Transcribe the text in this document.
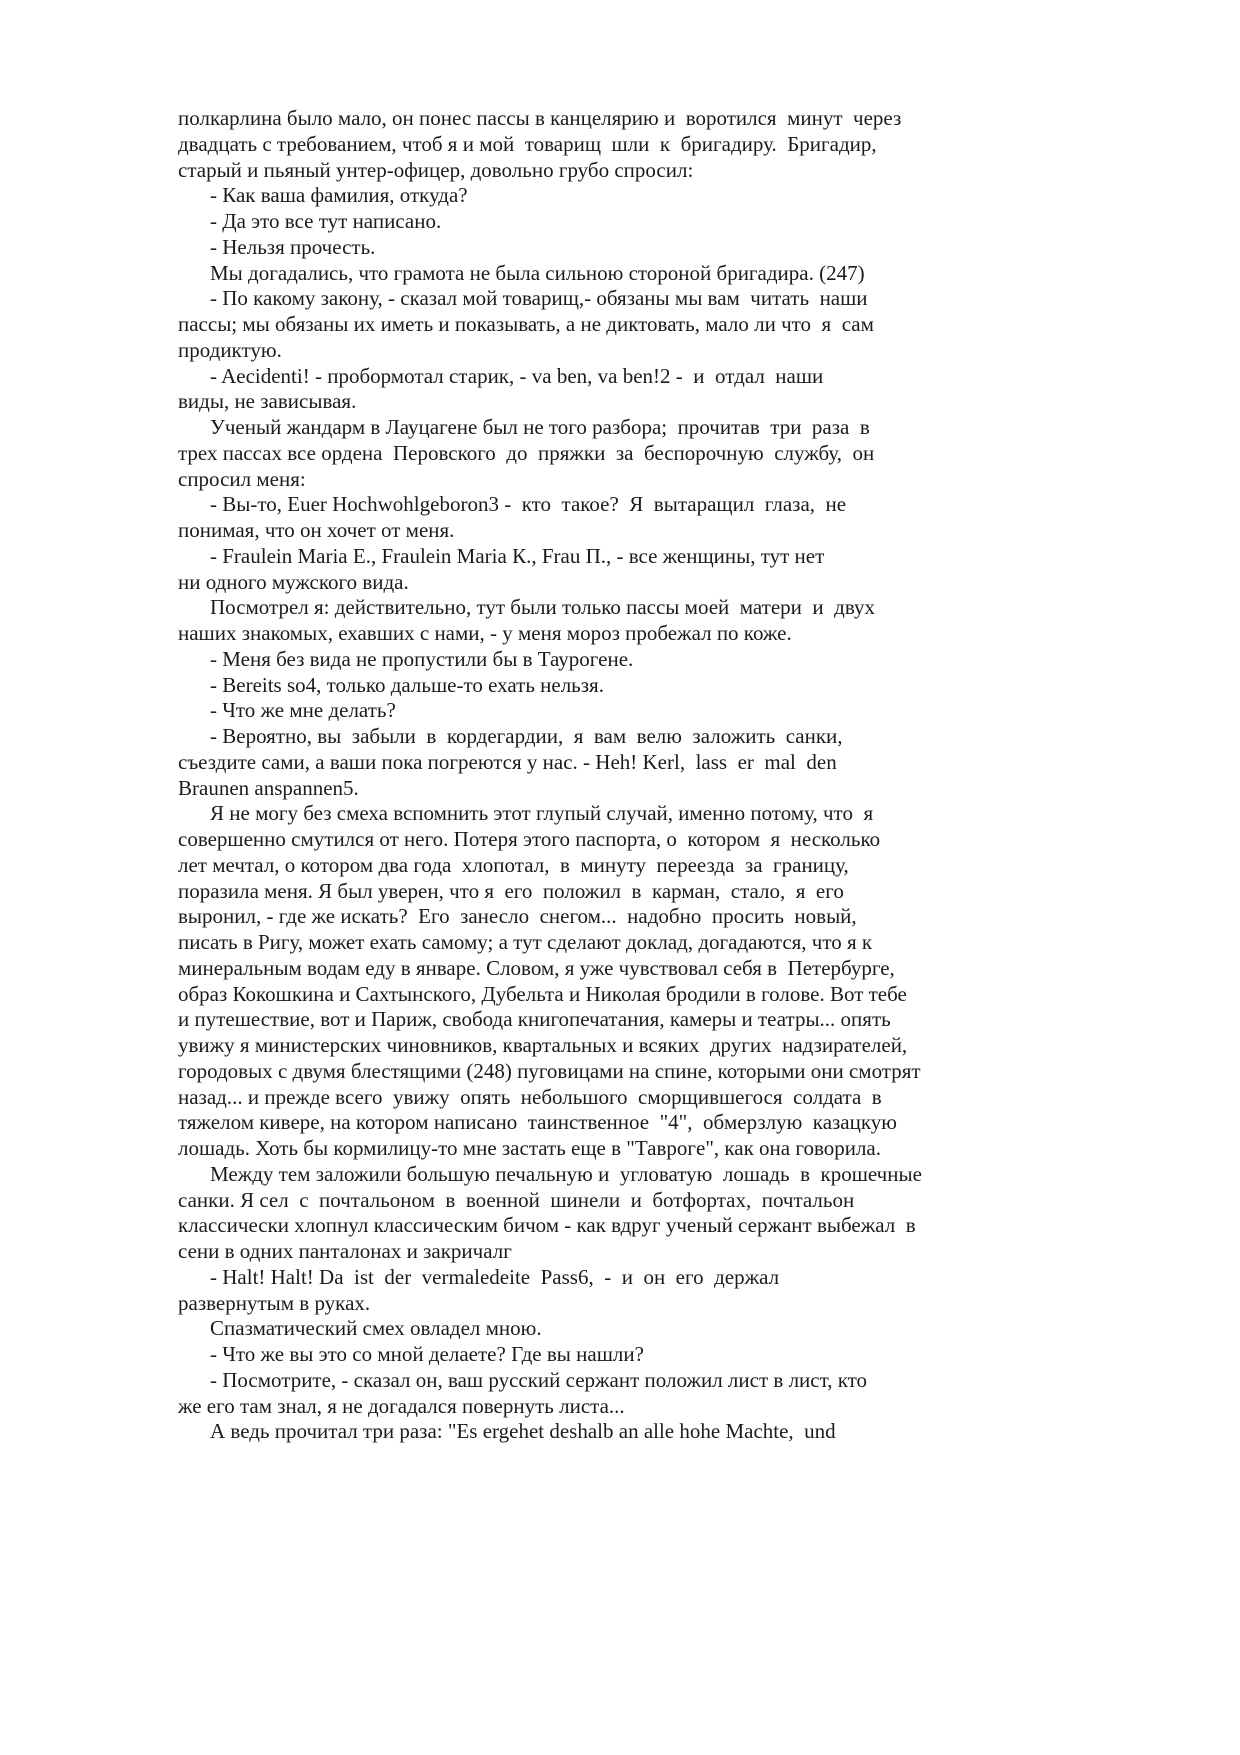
полкарлина было мало, он понес пассы в канцелярию и  воротился  минут  через
двадцать с требованием, чтоб я и мой  товарищ  шли  к  бригадиру.  Бригадир,
старый и пьяный унтер-офицер, довольно грубо спросил:
- Как ваша фамилия, откуда?
- Да это все тут написано.
- Нельзя прочесть.
Мы догадались, что грамота не была сильною стороной бригадира. (247)
- По какому закону, - сказал мой товарищ,- обязаны мы вам  читать  наши
пассы; мы обязаны их иметь и показывать, а не диктовать, мало ли что  я  сам
продиктую.
- Aecidenti! - пробормотал старик, - va ben, va ben!2 -  и  отдал  наши
виды, не зависывая.
Ученый жандарм в Лауцагене был не того разбора;  прочитав  три  раза  в
трех пассах все ордена  Перовского  до  пряжки  за  беспорочную  службу,  он
спросил меня:
- Вы-то, Euer Hochwohlgeboron3 -  кто  такое?  Я  вытаращил  глаза,  не
понимая, что он хочет от меня.
- Fraulein Maria E., Fraulein Maria К., Frau П., - все женщины, тут нет
ни одного мужского вида.
Посмотрел я: действительно, тут были только пассы моей  матери  и  двух
наших знакомых, ехавших с нами, - у меня мороз пробежал по коже.
- Меня без вида не пропустили бы в Таурогене.
- Bereits so4, только дальше-то ехать нельзя.
- Что же мне делать?
- Вероятно, вы  забыли  в  кордегардии,  я  вам  велю  заложить  санки,
съездите сами, а ваши пока погреются у нас. - Heh! Kerl,  lass  er  mal  den
Braunen anspannen5.
Я не могу без смеха вспомнить этот глупый случай, именно потому, что  я
совершенно смутился от него. Потеря этого паспорта, о  котором  я  несколько
лет мечтал, о котором два года  хлопотал,  в  минуту  переезда  за  границу,
поразила меня. Я был уверен, что я  его  положил  в  карман,  стало,  я  его
выронил, - где же искать?  Его  занесло  снегом...  надобно  просить  новый,
писать в Ригу, может ехать самому; а тут сделают доклад, догадаются, что я к
минеральным водам еду в январе. Словом, я уже чувствовал себя в  Петербурге,
образ Кокошкина и Сахтынского, Дубельта и Николая бродили в голове. Вот тебе
и путешествие, вот и Париж, свобода книгопечатания, камеры и театры... опять
увижу я министерских чиновников, квартальных и всяких  других  надзирателей,
городовых с двумя блестящими (248) пуговицами на спине, которыми они смотрят
назад... и прежде всего  увижу  опять  небольшого  сморщившегося  солдата  в
тяжелом кивере, на котором написано  таинственное  "4",  обмерзлую  казацкую
лошадь. Хоть бы кормилицу-то мне застать еще в "Таврогe", как она говорила.
Между тем заложили большую печальную и  угловатую  лошадь  в  крошечные
санки. Я сел  с  почтальоном  в  военной  шинели  и  ботфортах,  почтальон
классически хлопнул классическим бичом - как вдруг ученый сержант выбежал  в
сени в одних панталонах и закричалг
- Halt! Halt! Da  ist  der  vermaledeite  Pass6,  -  и  он  его  держал
развернутым в руках.
Спазматический смех овладел мною.
- Что же вы это со мной делаете? Где вы нашли?
- Посмотрите, - сказал он, ваш русский сержант положил лист в лист, кто
же его там знал, я не догадался повернуть листа...
А ведь прочитал три раза: "Es ergehet deshalb an alle hohe Machte,  und
